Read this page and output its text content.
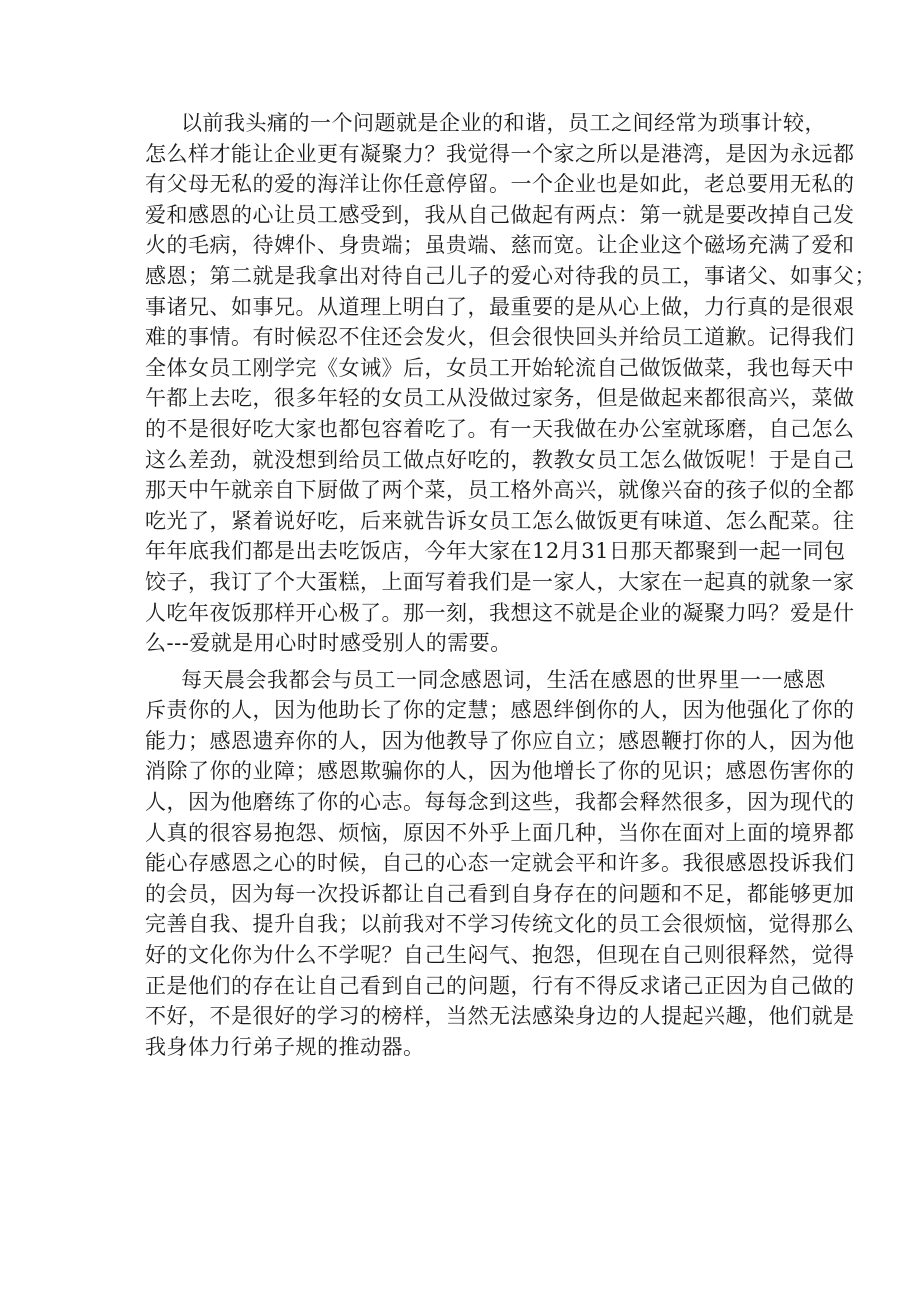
以前我头痛的一个问题就是企业的和谐，员工之间经常为琐事计较，
怎么样才能让企业更有凝聚力？我觉得一个家之所以是港湾，是因为永远都
有父母无私的爱的海洋让你任意停留。一个企业也是如此，老总要用无私的
爱和感恩的心让员工感受到，我从自己做起有两点：第一就是要改掉自己发
火的毛病，待婢仆、身贵端；虽贵端、慈而宽。让企业这个磁场充满了爱和
感恩；第二就是我拿出对待自己儿子的爱心对待我的员工，事诸父、如事父；
事诸兄、如事兄。从道理上明白了，最重要的是从心上做，力行真的是很艰
难的事情。有时候忍不住还会发火，但会很快回头并给员工道歉。记得我们
全体女员工刚学完《女诫》后，女员工开始轮流自己做饭做菜，我也每天中
午都上去吃，很多年轻的女员工从没做过家务，但是做起来都很高兴，菜做
的不是很好吃大家也都包容着吃了。有一天我做在办公室就琢磨，自己怎么
这么差劲，就没想到给员工做点好吃的，教教女员工怎么做饭呢！于是自己
那天中午就亲自下厨做了两个菜，员工格外高兴，就像兴奋的孩子似的全都
吃光了，紧着说好吃，后来就告诉女员工怎么做饭更有味道、怎么配菜。往
年年底我们都是出去吃饭店，今年大家在12月31日那天都聚到一起一同包
饺子，我订了个大蛋糕，上面写着我们是一家人，大家在一起真的就象一家
人吃年夜饭那样开心极了。那一刻，我想这不就是企业的凝聚力吗？爱是什
么---爱就是用心时时感受别人的需要。

每天晨会我都会与员工一同念感恩词，生活在感恩的世界里一一感恩
斥责你的人，因为他助长了你的定慧；感恩绊倒你的人，因为他强化了你的
能力；感恩遗弃你的人，因为他教导了你应自立；感恩鞭打你的人，因为他
消除了你的业障；感恩欺骗你的人，因为他增长了你的见识；感恩伤害你的
人，因为他磨练了你的心志。每每念到这些，我都会释然很多，因为现代的
人真的很容易抱怨、烦恼，原因不外乎上面几种，当你在面对上面的境界都
能心存感恩之心的时候，自己的心态一定就会平和许多。我很感恩投诉我们
的会员，因为每一次投诉都让自己看到自身存在的问题和不足，都能够更加
完善自我、提升自我；以前我对不学习传统文化的员工会很烦恼，觉得那么
好的文化你为什么不学呢？自己生闷气、抱怨，但现在自己则很释然，觉得
正是他们的存在让自己看到自己的问题，行有不得反求诸己正因为自己做的
不好，不是很好的学习的榜样，当然无法感染身边的人提起兴趣，他们就是
我身体力行弟子规的推动器。
